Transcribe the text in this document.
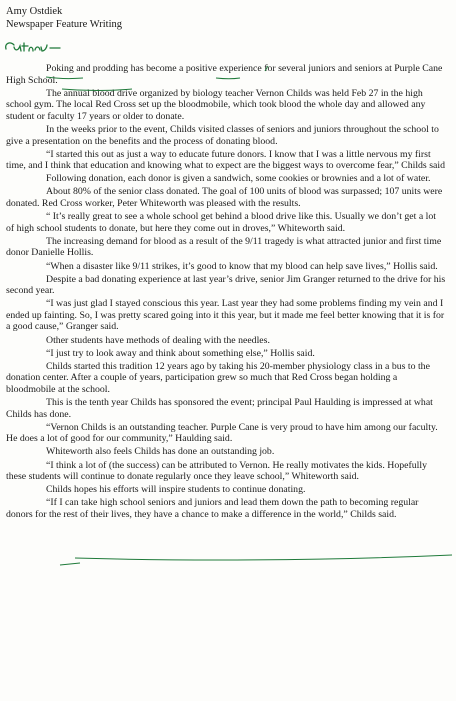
Amy Ostdiek
Newspaper Feature Writing

Poking and prodding has become a positive experience for several juniors and seniors at Purple Cane High School.

The annual blood drive organized by biology teacher Vernon Childs was held Feb 27 in the high school gym. The local Red Cross set up the bloodmobile, which took blood the whole day and allowed any student or faculty 17 years or older to donate.

In the weeks prior to the event, Childs visited classes of seniors and juniors throughout the school to give a presentation on the benefits and the process of donating blood.

“I started this out as just a way to educate future donors. I know that I was a little nervous my first time, and I think that education and knowing what to expect are the biggest ways to overcome fear,” Childs said

Following donation, each donor is given a sandwich, some cookies or brownies and a lot of water.

About 80% of the senior class donated. The goal of 100 units of blood was surpassed; 107 units were donated. Red Cross worker, Peter Whiteworth was pleased with the results.

“ It’s really great to see a whole school get behind a blood drive like this. Usually we don’t get a lot of high school students to donate, but here they come out in droves,” Whiteworth said.

The increasing demand for blood as a result of the 9/11 tragedy is what attracted junior and first time donor Danielle Hollis.

“When a disaster like 9/11 strikes, it’s good to know that my blood can help save lives,” Hollis said.

Despite a bad donating experience at last year’s drive, senior Jim Granger returned to the drive for his second year.

“I was just glad I stayed conscious this year. Last year they had some problems finding my vein and I ended up fainting. So, I was pretty scared going into it this year, but it made me feel better knowing that it is for a good cause,” Granger said.

Other students have methods of dealing with the needles.

“I just try to look away and think about something else,” Hollis said.

Childs started this tradition 12 years ago by taking his 20-member physiology class in a bus to the donation center. After a couple of years, participation grew so much that Red Cross began holding a bloodmobile at the school.

This is the tenth year Childs has sponsored the event; principal Paul Haulding is impressed at what Childs has done.

“Vernon Childs is an outstanding teacher. Purple Cane is very proud to have him among our faculty. He does a lot of good for our community,” Haulding said.

Whiteworth also feels Childs has done an outstanding job.

“I think a lot of (the success) can be attributed to Vernon. He really motivates the kids. Hopefully these students will continue to donate regularly once they leave school,” Whiteworth said.

Childs hopes his efforts will inspire students to continue donating.

“If I can take high school seniors and juniors and lead them down the path to becoming regular donors for the rest of their lives, they have a chance to make a difference in the world,” Childs said.
